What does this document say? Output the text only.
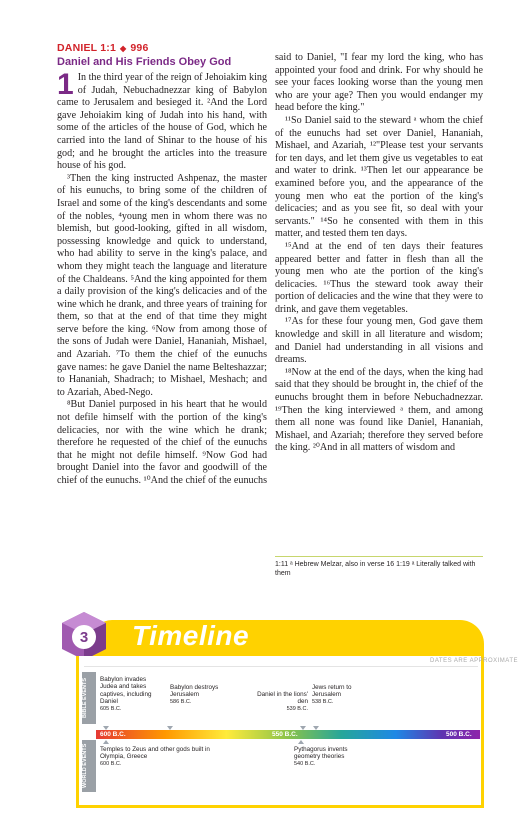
DANIEL 1:1 ◆ 996
Daniel and His Friends Obey God

1 In the third year of the reign of Jehoiakim king of Judah, Nebuchadnezzar king of Babylon came to Jerusalem and besieged it. ²And the Lord gave Jehoiakim king of Judah into his hand, with some of the articles of the house of God, which he carried into the land of Shinar to the house of his god; and he brought the articles into the treasure house of his god.

³Then the king instructed Ashpenaz, the master of his eunuchs, to bring some of the children of Israel and some of the king's descendants and some of the nobles, ⁴young men in whom there was no blemish, but good-looking, gifted in all wisdom, possessing knowledge and quick to understand, who had ability to serve in the king's palace, and whom they might teach the language and literature of the Chaldeans. ⁵And the king appointed for them a daily provision of the king's delicacies and of the wine which he drank, and three years of training for them, so that at the end of that time they might serve before the king. ⁶Now from among those of the sons of Judah were Daniel, Hananiah, Mishael, and Azariah. ⁷To them the chief of the eunuchs gave names: he gave Daniel the name Belteshazzar; to Hananiah, Shadrach; to Mishael, Meshach; and to Azariah, Abed-Nego.

⁸But Daniel purposed in his heart that he would not defile himself with the portion of the king's delicacies, nor with the wine which he drank; therefore he requested of the chief of the eunuchs that he might not defile himself. ⁹Now God had brought Daniel into the favor and goodwill of the chief of the eunuchs. ¹⁰And the chief of the eunuchs

said to Daniel, "I fear my lord the king, who has appointed your food and drink. For why should he see your faces looking worse than the young men who are your age? Then you would endanger my head before the king."

¹¹So Daniel said to the steward ᵃ whom the chief of the eunuchs had set over Daniel, Hananiah, Mishael, and Azariah, ¹²"Please test your servants for ten days, and let them give us vegetables to eat and water to drink. ¹³Then let our appearance be examined before you, and the appearance of the young men who eat the portion of the king's delicacies; and as you see fit, so deal with your servants." ¹⁴So he consented with them in this matter, and tested them ten days.

¹⁵And at the end of ten days their features appeared better and fatter in flesh than all the young men who ate the portion of the king's delicacies. ¹⁶Thus the steward took away their portion of delicacies and the wine that they were to drink, and gave them vegetables.

¹⁷As for these four young men, God gave them knowledge and skill in all literature and wisdom; and Daniel had understanding in all visions and dreams.

¹⁸Now at the end of the days, when the king had said that they should be brought in, the chief of the eunuchs brought them in before Nebuchadnezzar. ¹⁹Then the king interviewed ᵃ them, and among them all none was found like Daniel, Hananiah, Mishael, and Azariah; therefore they served before the king. ²⁰And in all matters of wisdom and

1:11 ᵃ Hebrew Melzar, also in verse 16 1:19 ᵃ Literally talked with them
3 Timeline
DATES ARE APPROXIMATE
BIBLE EVENTS
WORLD EVENTS
Babylon invades Judea and takes captives, including Daniel
605 B.C.
Babylon destroys Jerusalem
586 B.C.
Daniel in the lions' den
539 B.C.
Jews return to Jerusalem
538 B.C.
600 B.C.	550 B.C.	500 B.C.
Temples to Zeus and other gods built in Olympia, Greece
600 B.C.
Pythagorus invents geometry theories
540 B.C.
